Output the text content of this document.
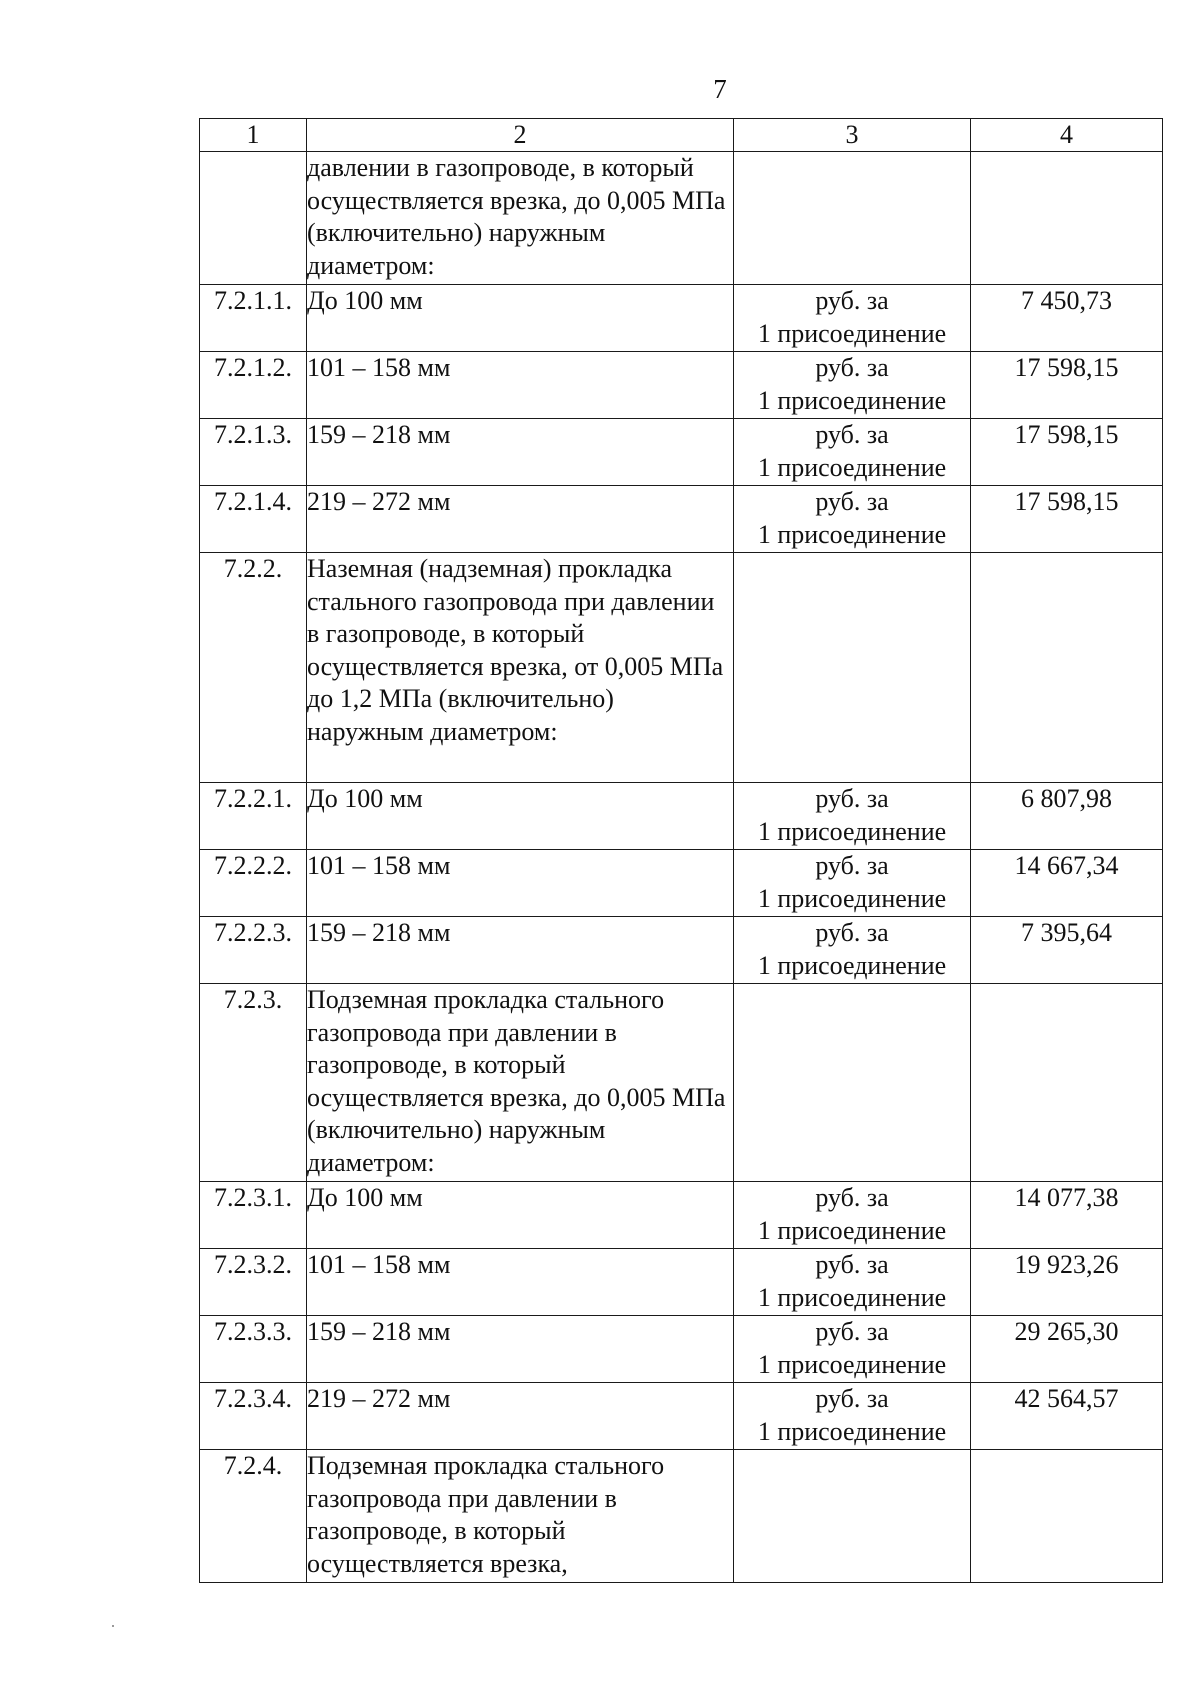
7
1	2	3	4
	давлении в газопроводе, в который осуществляется врезка, до 0,005 МПа (включительно) наружным диаметром:	

7.2.1.1.	До 100 мм	руб. за
1 присоединение	7 450,73
7.2.1.2.	101 – 158 мм	руб. за
1 присоединение	17 598,15
7.2.1.3.	159 – 218 мм	руб. за
1 присоединение	17 598,15
7.2.1.4.	219 – 272 мм	руб. за
1 присоединение	17 598,15
7.2.2.	Наземная (надземная) прокладка стального газопровода при давлении в газопроводе, в который осуществляется врезка, от 0,005 МПа до 1,2 МПа (включительно) наружным диаметром:	

7.2.2.1.	До 100 мм	руб. за
1 присоединение	6 807,98
7.2.2.2.	101 – 158 мм	руб. за
1 присоединение	14 667,34
7.2.2.3.	159 – 218 мм	руб. за
1 присоединение	7 395,64
7.2.3.	Подземная прокладка стального газопровода при давлении в газопроводе, в который осуществляется врезка, до 0,005 МПа (включительно) наружным диаметром:	

7.2.3.1.	До 100 мм	руб. за
1 присоединение	14 077,38
7.2.3.2.	101 – 158 мм	руб. за
1 присоединение	19 923,26
7.2.3.3.	159 – 218 мм	руб. за
1 присоединение	29 265,30
7.2.3.4.	219 – 272 мм	руб. за
1 присоединение	42 564,57
7.2.4.	Подземная прокладка стального газопровода при давлении в газопроводе, в который осуществляется врезка,	
